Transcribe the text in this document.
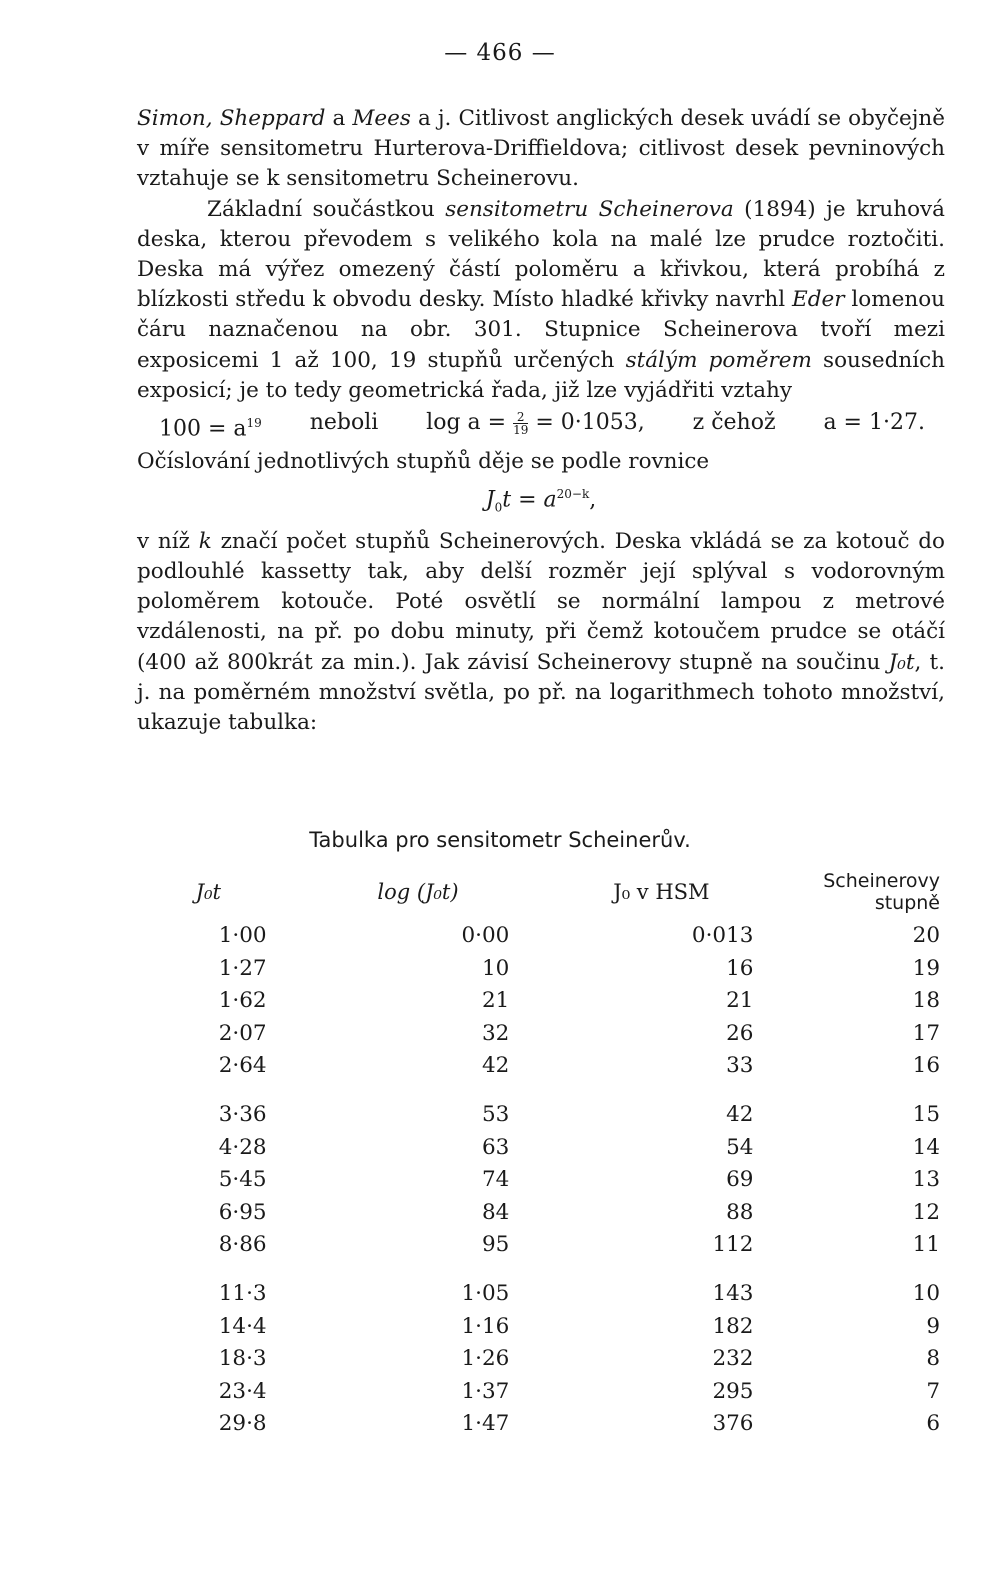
— 466 —

Simon, Sheppard a Mees a j. Citlivost anglických desek uvádí se obyčejně v míře sensitometru Hurterova-Driffieldova; citlivost desek pevninových vztahuje se k sensitometru Scheinerovu.

Základní součástkou sensitometru Scheinerova (1894) je kruhová deska, kterou převodem s velikého kola na malé lze prudce roztočiti. Deska má výřez omezený částí poloměru a křivkou, která probíhá z blízkosti středu k obvodu desky. Místo hladké křivky navrhl Eder lomenou čáru naznačenou na obr. 301. Stupnice Scheinerova tvoří mezi exposicemi 1 až 100, 19 stupňů určených stálým poměrem sousedních exposicí; je to tedy geometrická řada, již lze vyjádřiti vztahy

$100 = a^{19}$ neboli $\log a = \frac{2}{19} = 0\cdot 1053$, z čehož a = 1·27.

Očíslování jednotlivých stupňů děje se podle rovnice

$J_0t = a^{20-k}$,

v níž k značí počet stupňů Scheinerových. Deska vkládá se za kotouč do podlouhlé kassetty tak, aby delší rozměr její splýval s vodorovným poloměrem kotouče. Poté osvětlí se normální lampou z metrové vzdálenosti, na př. po dobu minuty, při čemž kotoučem prudce se otáčí (400 až 800krát za min.). Jak závisí Scheinerovy stupně na součinu J₀t, t. j. na poměrném množství světla, po př. na logarithmech tohoto množství, ukazuje tabulka:

Tabulka pro sensitometr Scheinerův.
J₀t	log (J₀t)	J₀ v HSM	Scheinerovy stupně
1·00	0·00	0·013	20
1·27	10	16	19
1·62	21	21	18
2·07	32	26	17
2·64	42	33	16

3·36	53	42	15
4·28	63	54	14
5·45	74	69	13
6·95	84	88	12
8·86	95	112	11

11·3	1·05	143	10
14·4	1·16	182	9
18·3	1·26	232	8
23·4	1·37	295	7
29·8	1·47	376	6
